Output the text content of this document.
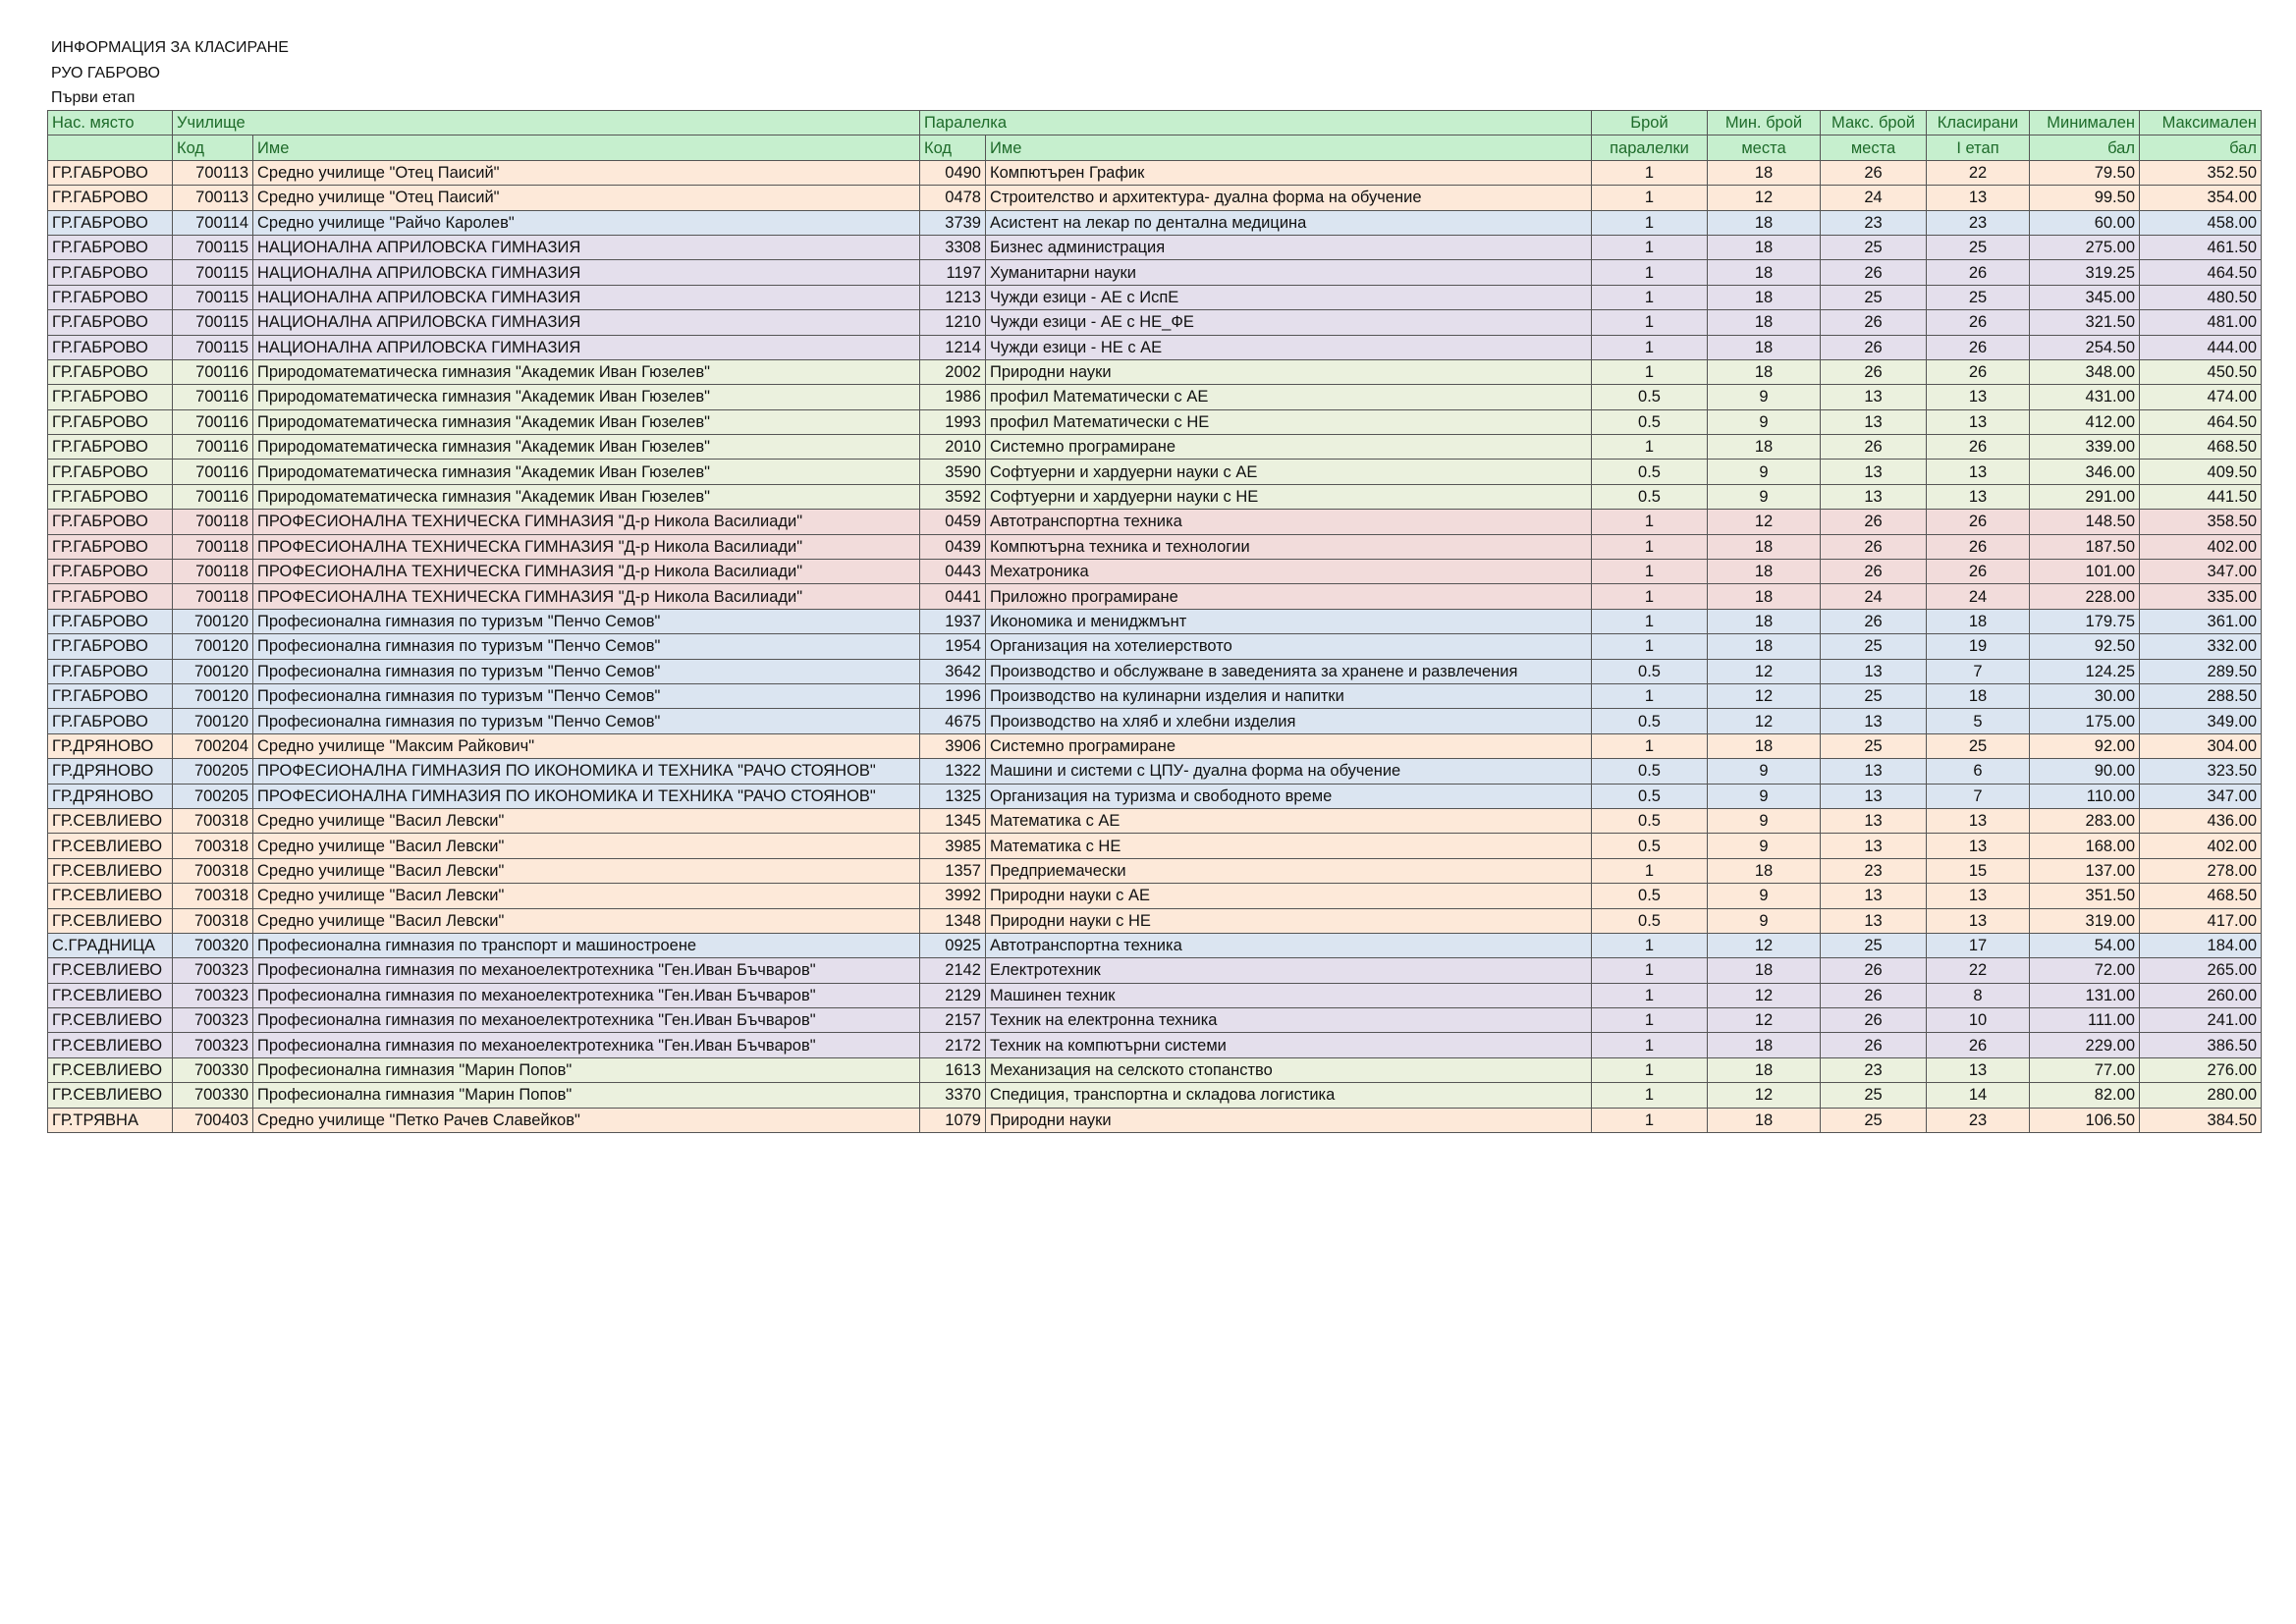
ИНФОРМАЦИЯ ЗА КЛАСИРАНЕ
РУО ГАБРОВО
Първи етап
Нас. място	Училище		Паралелка		Брой	Мин. брой	Макс. брой	Класирани	Минимален	Максимален
	Код	Име	Код	Име	паралелки	места	места	I етап	бал	бал
ГР.ГАБРОВО	700113	Средно училище "Отец Паисий"	0490	Компютърен График	1	18	26	22	79.50	352.50
ГР.ГАБРОВО	700113	Средно училище "Отец Паисий"	0478	Строителство и архитектура- дуална форма на обучение	1	12	24	13	99.50	354.00
ГР.ГАБРОВО	700114	Средно училище "Райчо Каролев"	3739	Асистент на лекар по дентална медицина	1	18	23	23	60.00	458.00
ГР.ГАБРОВО	700115	НАЦИОНАЛНА АПРИЛОВСКА ГИМНАЗИЯ	3308	Бизнес администрация	1	18	25	25	275.00	461.50
ГР.ГАБРОВО	700115	НАЦИОНАЛНА АПРИЛОВСКА ГИМНАЗИЯ	1197	Хуманитарни науки	1	18	26	26	319.25	464.50
ГР.ГАБРОВО	700115	НАЦИОНАЛНА АПРИЛОВСКА ГИМНАЗИЯ	1213	Чужди езици - АЕ с ИспЕ	1	18	25	25	345.00	480.50
ГР.ГАБРОВО	700115	НАЦИОНАЛНА АПРИЛОВСКА ГИМНАЗИЯ	1210	Чужди езици - АЕ с НЕ_ФЕ	1	18	26	26	321.50	481.00
ГР.ГАБРОВО	700115	НАЦИОНАЛНА АПРИЛОВСКА ГИМНАЗИЯ	1214	Чужди езици - НЕ с АЕ	1	18	26	26	254.50	444.00
ГР.ГАБРОВО	700116	Природоматематическа гимназия "Академик Иван Гюзелев"	2002	Природни науки	1	18	26	26	348.00	450.50
ГР.ГАБРОВО	700116	Природоматематическа гимназия "Академик Иван Гюзелев"	1986	профил Математически с АЕ	0.5	9	13	13	431.00	474.00
ГР.ГАБРОВО	700116	Природоматематическа гимназия "Академик Иван Гюзелев"	1993	профил Математически с НЕ	0.5	9	13	13	412.00	464.50
ГР.ГАБРОВО	700116	Природоматематическа гимназия "Академик Иван Гюзелев"	2010	Системно програмиране	1	18	26	26	339.00	468.50
ГР.ГАБРОВО	700116	Природоматематическа гимназия "Академик Иван Гюзелев"	3590	Софтуерни и хардуерни науки с АЕ	0.5	9	13	13	346.00	409.50
ГР.ГАБРОВО	700116	Природоматематическа гимназия "Академик Иван Гюзелев"	3592	Софтуерни и хардуерни науки с НЕ	0.5	9	13	13	291.00	441.50
ГР.ГАБРОВО	700118	ПРОФЕСИОНАЛНА ТЕХНИЧЕСКА ГИМНАЗИЯ "Д-р Никола Василиади"	0459	Автотранспортна техника	1	12	26	26	148.50	358.50
ГР.ГАБРОВО	700118	ПРОФЕСИОНАЛНА ТЕХНИЧЕСКА ГИМНАЗИЯ "Д-р Никола Василиади"	0439	Компютърна техника и технологии	1	18	26	26	187.50	402.00
ГР.ГАБРОВО	700118	ПРОФЕСИОНАЛНА ТЕХНИЧЕСКА ГИМНАЗИЯ "Д-р Никола Василиади"	0443	Мехатроника	1	18	26	26	101.00	347.00
ГР.ГАБРОВО	700118	ПРОФЕСИОНАЛНА ТЕХНИЧЕСКА ГИМНАЗИЯ "Д-р Никола Василиади"	0441	Приложно програмиране	1	18	24	24	228.00	335.00
ГР.ГАБРОВО	700120	Професионална гимназия по туризъм "Пенчо Семов"	1937	Икономика и мениджмънт	1	18	26	18	179.75	361.00
ГР.ГАБРОВО	700120	Професионална гимназия по туризъм "Пенчо Семов"	1954	Организация на хотелиерството	1	18	25	19	92.50	332.00
ГР.ГАБРОВО	700120	Професионална гимназия по туризъм "Пенчо Семов"	3642	Производство и обслужване в заведенията за хранене и развлечения	0.5	12	13	7	124.25	289.50
ГР.ГАБРОВО	700120	Професионална гимназия по туризъм "Пенчо Семов"	1996	Производство на кулинарни изделия и напитки	1	12	25	18	30.00	288.50
ГР.ГАБРОВО	700120	Професионална гимназия по туризъм "Пенчо Семов"	4675	Производство на хляб и хлебни изделия	0.5	12	13	5	175.00	349.00
ГР.ДРЯНОВО	700204	Средно училище "Максим Райкович"	3906	Системно програмиране	1	18	25	25	92.00	304.00
ГР.ДРЯНОВО	700205	ПРОФЕСИОНАЛНА ГИМНАЗИЯ ПО ИКОНОМИКА И ТЕХНИКА "РАЧО СТОЯНОВ"	1322	Машини и системи с ЦПУ- дуална форма на обучение	0.5	9	13	6	90.00	323.50
ГР.ДРЯНОВО	700205	ПРОФЕСИОНАЛНА ГИМНАЗИЯ ПО ИКОНОМИКА И ТЕХНИКА "РАЧО СТОЯНОВ"	1325	Организация на туризма и свободното време	0.5	9	13	7	110.00	347.00
ГР.СЕВЛИЕВО	700318	Средно училище "Васил Левски"	1345	Математика с АЕ	0.5	9	13	13	283.00	436.00
ГР.СЕВЛИЕВО	700318	Средно училище "Васил Левски"	3985	Математика с НЕ	0.5	9	13	13	168.00	402.00
ГР.СЕВЛИЕВО	700318	Средно училище "Васил Левски"	1357	Предприемачески	1	18	23	15	137.00	278.00
ГР.СЕВЛИЕВО	700318	Средно училище "Васил Левски"	3992	Природни науки с АЕ	0.5	9	13	13	351.50	468.50
ГР.СЕВЛИЕВО	700318	Средно училище "Васил Левски"	1348	Природни науки с НЕ	0.5	9	13	13	319.00	417.00
С.ГРАДНИЦА	700320	Професионална гимназия по транспорт и машиностроене	0925	Автотранспортна техника	1	12	25	17	54.00	184.00
ГР.СЕВЛИЕВО	700323	Професионална гимназия по механоелектротехника "Ген.Иван Бъчваров"	2142	Електротехник	1	18	26	22	72.00	265.00
ГР.СЕВЛИЕВО	700323	Професионална гимназия по механоелектротехника "Ген.Иван Бъчваров"	2129	Машинен техник	1	12	26	8	131.00	260.00
ГР.СЕВЛИЕВО	700323	Професионална гимназия по механоелектротехника "Ген.Иван Бъчваров"	2157	Техник на електронна техника	1	12	26	10	111.00	241.00
ГР.СЕВЛИЕВО	700323	Професионална гимназия по механоелектротехника "Ген.Иван Бъчваров"	2172	Техник на компютърни системи	1	18	26	26	229.00	386.50
ГР.СЕВЛИЕВО	700330	Професионална гимназия "Марин Попов"	1613	Механизация на селското стопанство	1	18	23	13	77.00	276.00
ГР.СЕВЛИЕВО	700330	Професионална гимназия "Марин Попов"	3370	Спедиция, транспортна и складова логистика	1	12	25	14	82.00	280.00
ГР.ТРЯВНА	700403	Средно училище "Петко Рачев Славейков"	1079	Природни науки	1	18	25	23	106.50	384.50
